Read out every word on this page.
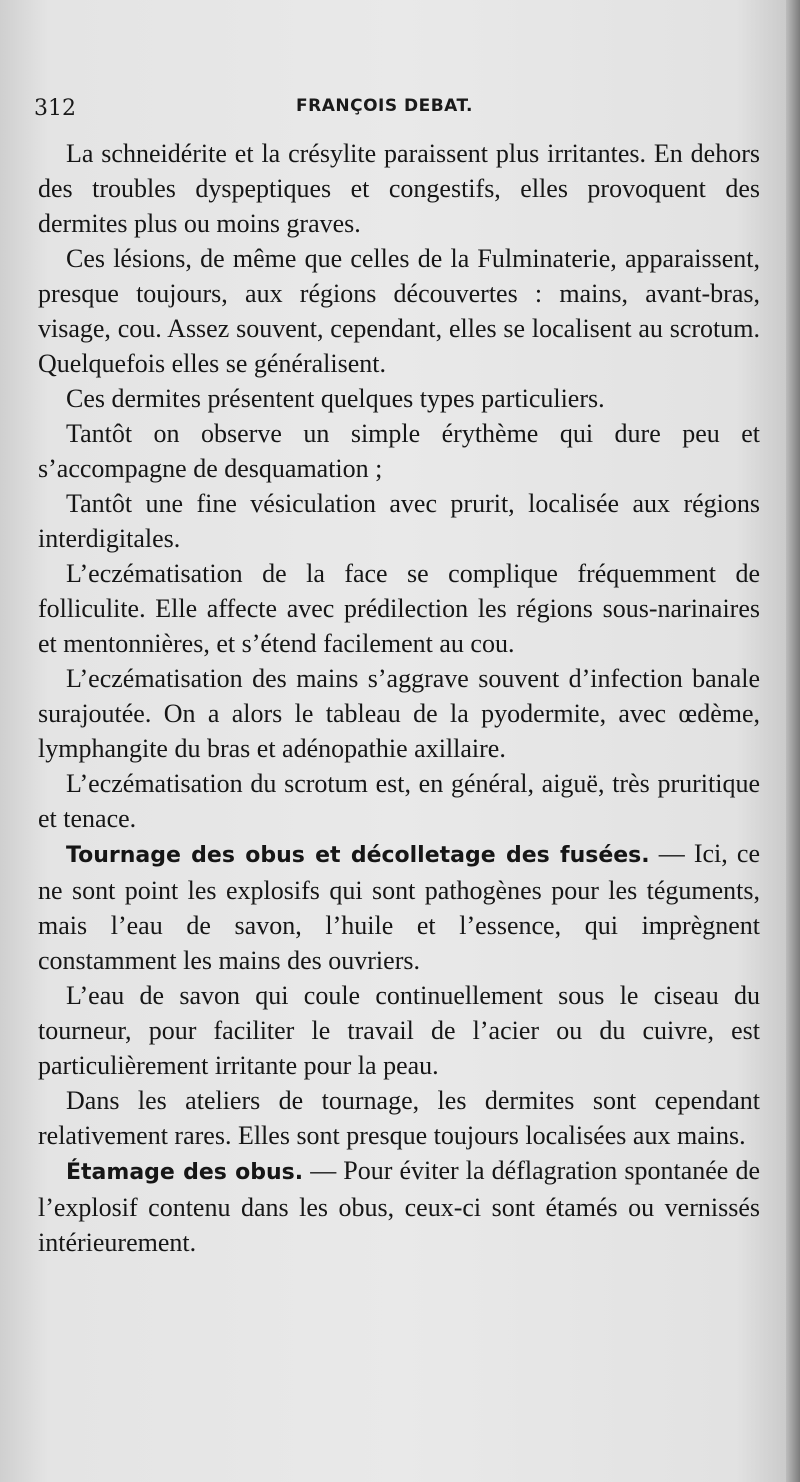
312	FRANÇOIS DEBAT.

La schneidérite et la crésylite paraissent plus irritantes. En dehors des troubles dyspeptiques et congestifs, elles provoquent des dermites plus ou moins graves.

Ces lésions, de même que celles de la Fulminaterie, apparaissent, presque toujours, aux régions découvertes : mains, avant-bras, visage, cou. Assez souvent, cependant, elles se localisent au scrotum. Quelquefois elles se généralisent.

Ces dermites présentent quelques types particuliers.

Tantôt on observe un simple érythème qui dure peu et s’accompagne de desquamation ;

Tantôt une fine vésiculation avec prurit, localisée aux régions interdigitales.

L’eczématisation de la face se complique fréquemment de folliculite. Elle affecte avec prédilection les régions sous-narinaires et mentonnières, et s’étend facilement au cou.

L’eczématisation des mains s’aggrave souvent d’infection banale surajoutée. On a alors le tableau de la pyodermite, avec œdème, lymphangite du bras et adénopathie axillaire.

L’eczématisation du scrotum est, en général, aiguë, très pruritique et tenace.

Tournage des obus et décolletage des fusées. — Ici, ce ne sont point les explosifs qui sont pathogènes pour les téguments, mais l’eau de savon, l’huile et l’essence, qui imprègnent constamment les mains des ouvriers.

L’eau de savon qui coule continuellement sous le ciseau du tourneur, pour faciliter le travail de l’acier ou du cuivre, est particulièrement irritante pour la peau.

Dans les ateliers de tournage, les dermites sont cependant relativement rares. Elles sont presque toujours localisées aux mains.

Étamage des obus. — Pour éviter la déflagration spontanée de l’explosif contenu dans les obus, ceux-ci sont étamés ou vernissés intérieurement.
